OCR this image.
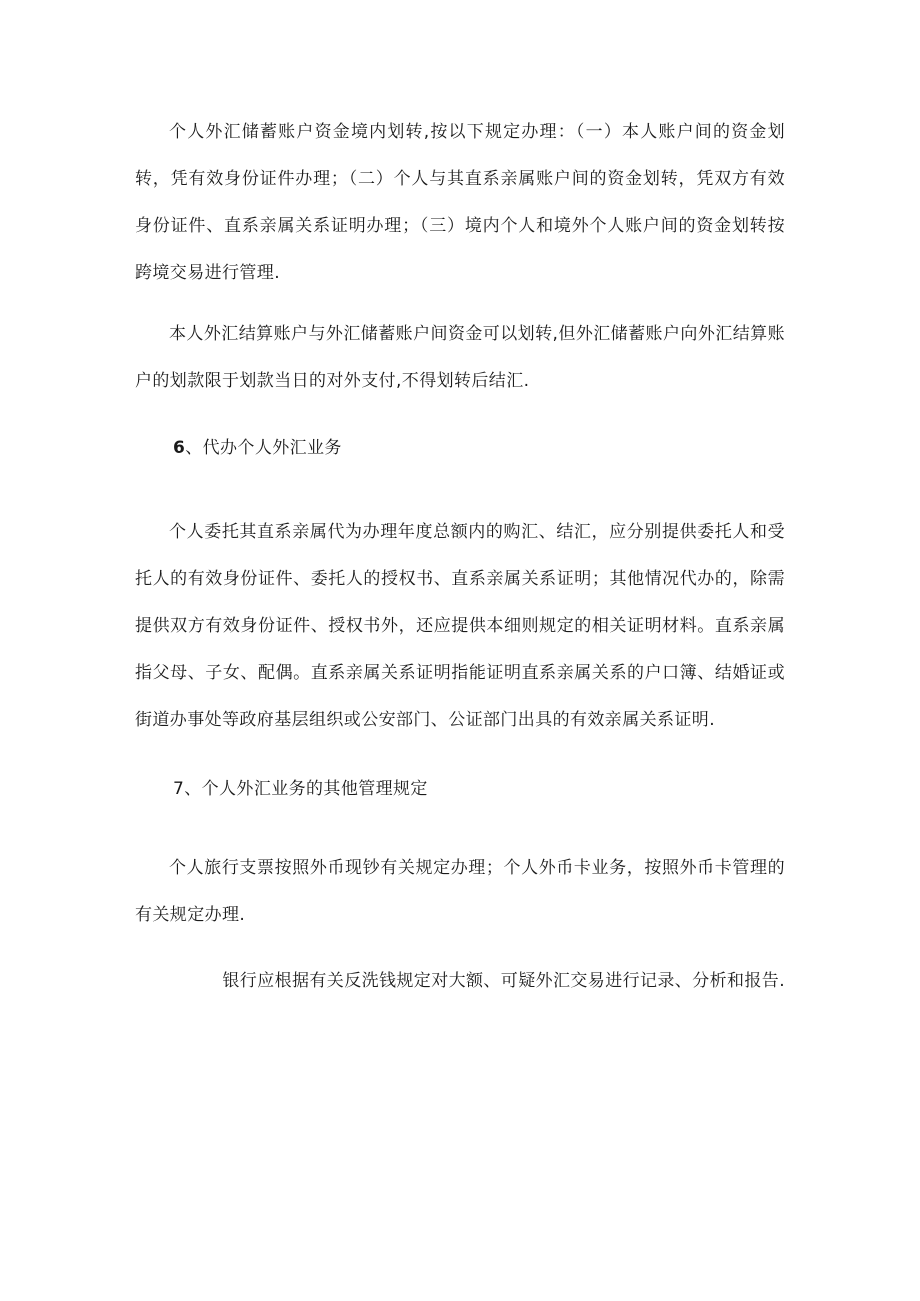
个人外汇储蓄账户资金境内划转,按以下规定办理：（一）本人账户间的资金划转，凭有效身份证件办理；（二）个人与其直系亲属账户间的资金划转，凭双方有效身份证件、直系亲属关系证明办理；（三）境内个人和境外个人账户间的资金划转按跨境交易进行管理.

本人外汇结算账户与外汇储蓄账户间资金可以划转,但外汇储蓄账户向外汇结算账户的划款限于划款当日的对外支付,不得划转后结汇.

6、代办个人外汇业务

个人委托其直系亲属代为办理年度总额内的购汇、结汇，应分别提供委托人和受托人的有效身份证件、委托人的授权书、直系亲属关系证明；其他情况代办的，除需提供双方有效身份证件、授权书外，还应提供本细则规定的相关证明材料。直系亲属指父母、子女、配偶。直系亲属关系证明指能证明直系亲属关系的户口簿、结婚证或街道办事处等政府基层组织或公安部门、公证部门出具的有效亲属关系证明.

7、个人外汇业务的其他管理规定

个人旅行支票按照外币现钞有关规定办理；个人外币卡业务，按照外币卡管理的有关规定办理.

银行应根据有关反洗钱规定对大额、可疑外汇交易进行记录、分析和报告.
